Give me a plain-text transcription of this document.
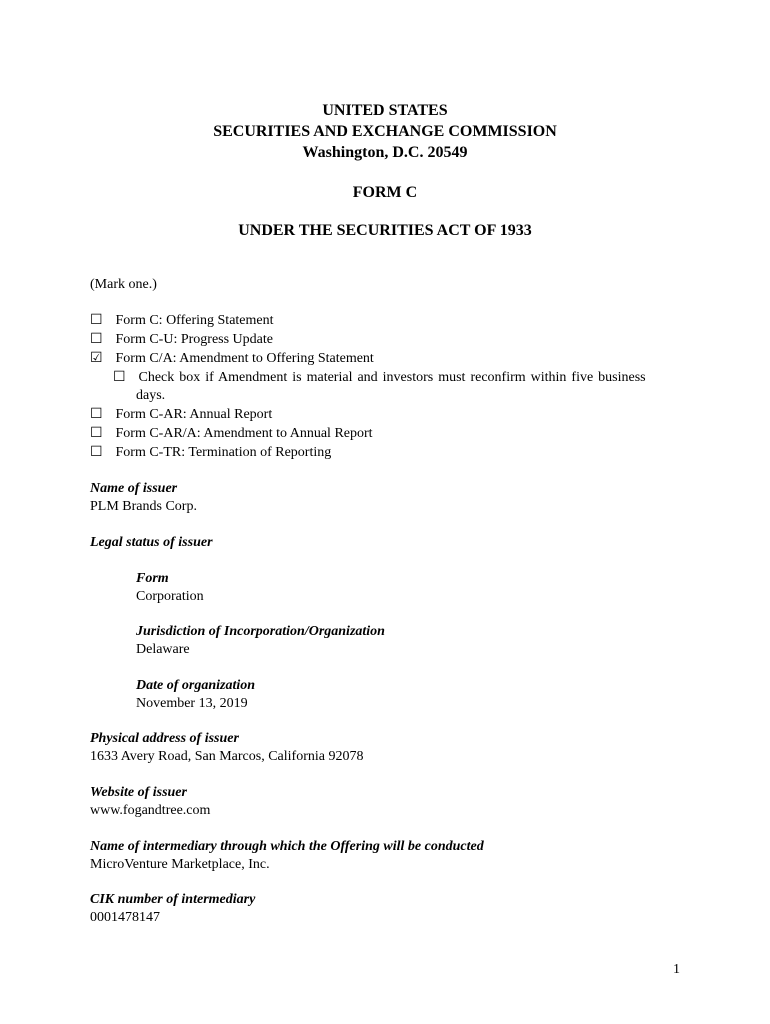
UNITED STATES
SECURITIES AND EXCHANGE COMMISSION
Washington, D.C. 20549
FORM C
UNDER THE SECURITIES ACT OF 1933
(Mark one.)
☐ Form C: Offering Statement
☐ Form C-U: Progress Update
☑ Form C/A: Amendment to Offering Statement
☐ Check box if Amendment is material and investors must reconfirm within five business
days.
☐ Form C-AR: Annual Report
☐ Form C-AR/A: Amendment to Annual Report
☐ Form C-TR: Termination of Reporting
Name of issuer
PLM Brands Corp.
Legal status of issuer
Form
Corporation
Jurisdiction of Incorporation/Organization
Delaware
Date of organization
November 13, 2019
Physical address of issuer
1633 Avery Road, San Marcos, California 92078
Website of issuer
www.fogandtree.com
Name of intermediary through which the Offering will be conducted
MicroVenture Marketplace, Inc.
CIK number of intermediary
0001478147
1
